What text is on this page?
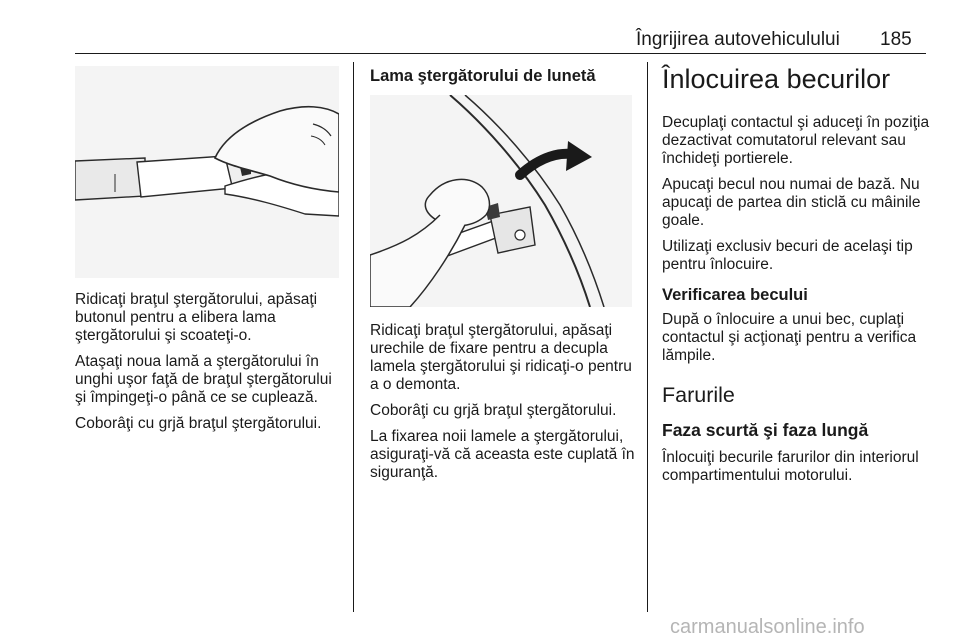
Îngrijirea autovehiculului 185

Ridicaţi braţul ştergătorului, apăsaţi butonul pentru a elibera lama ştergătorului şi scoateţi-o.

Ataşaţi noua lamă a ştergătorului în unghi uşor faţă de braţul ştergătorului şi împingeţi-o până ce se cuplează.

Coborâţi cu grjă braţul ştergătorului.

Lama ştergătorului de lunetă

Ridicaţi braţul ştergătorului, apăsaţi urechile de fixare pentru a decupla lamela ştergătorului şi ridicaţi-o pentru a o demonta.

Coborâţi cu grjă braţul ştergătorului.

La fixarea noii lamele a ştergătorului, asiguraţi-vă că aceasta este cuplată în siguranţă.

Înlocuirea becurilor

Decuplaţi contactul şi aduceţi în poziţia dezactivat comutatorul relevant sau închideţi portierele.

Apucaţi becul nou numai de bază. Nu apucaţi de partea din sticlă cu mâinile goale.

Utilizaţi exclusiv becuri de acelaşi tip pentru înlocuire.

Verificarea becului

După o înlocuire a unui bec, cuplaţi contactul şi acţionaţi pentru a verifica lămpile.

Farurile
Faza scurtă şi faza lungă

Înlocuiţi becurile farurilor din interiorul compartimentului motorului.

carmanualsonline.info
